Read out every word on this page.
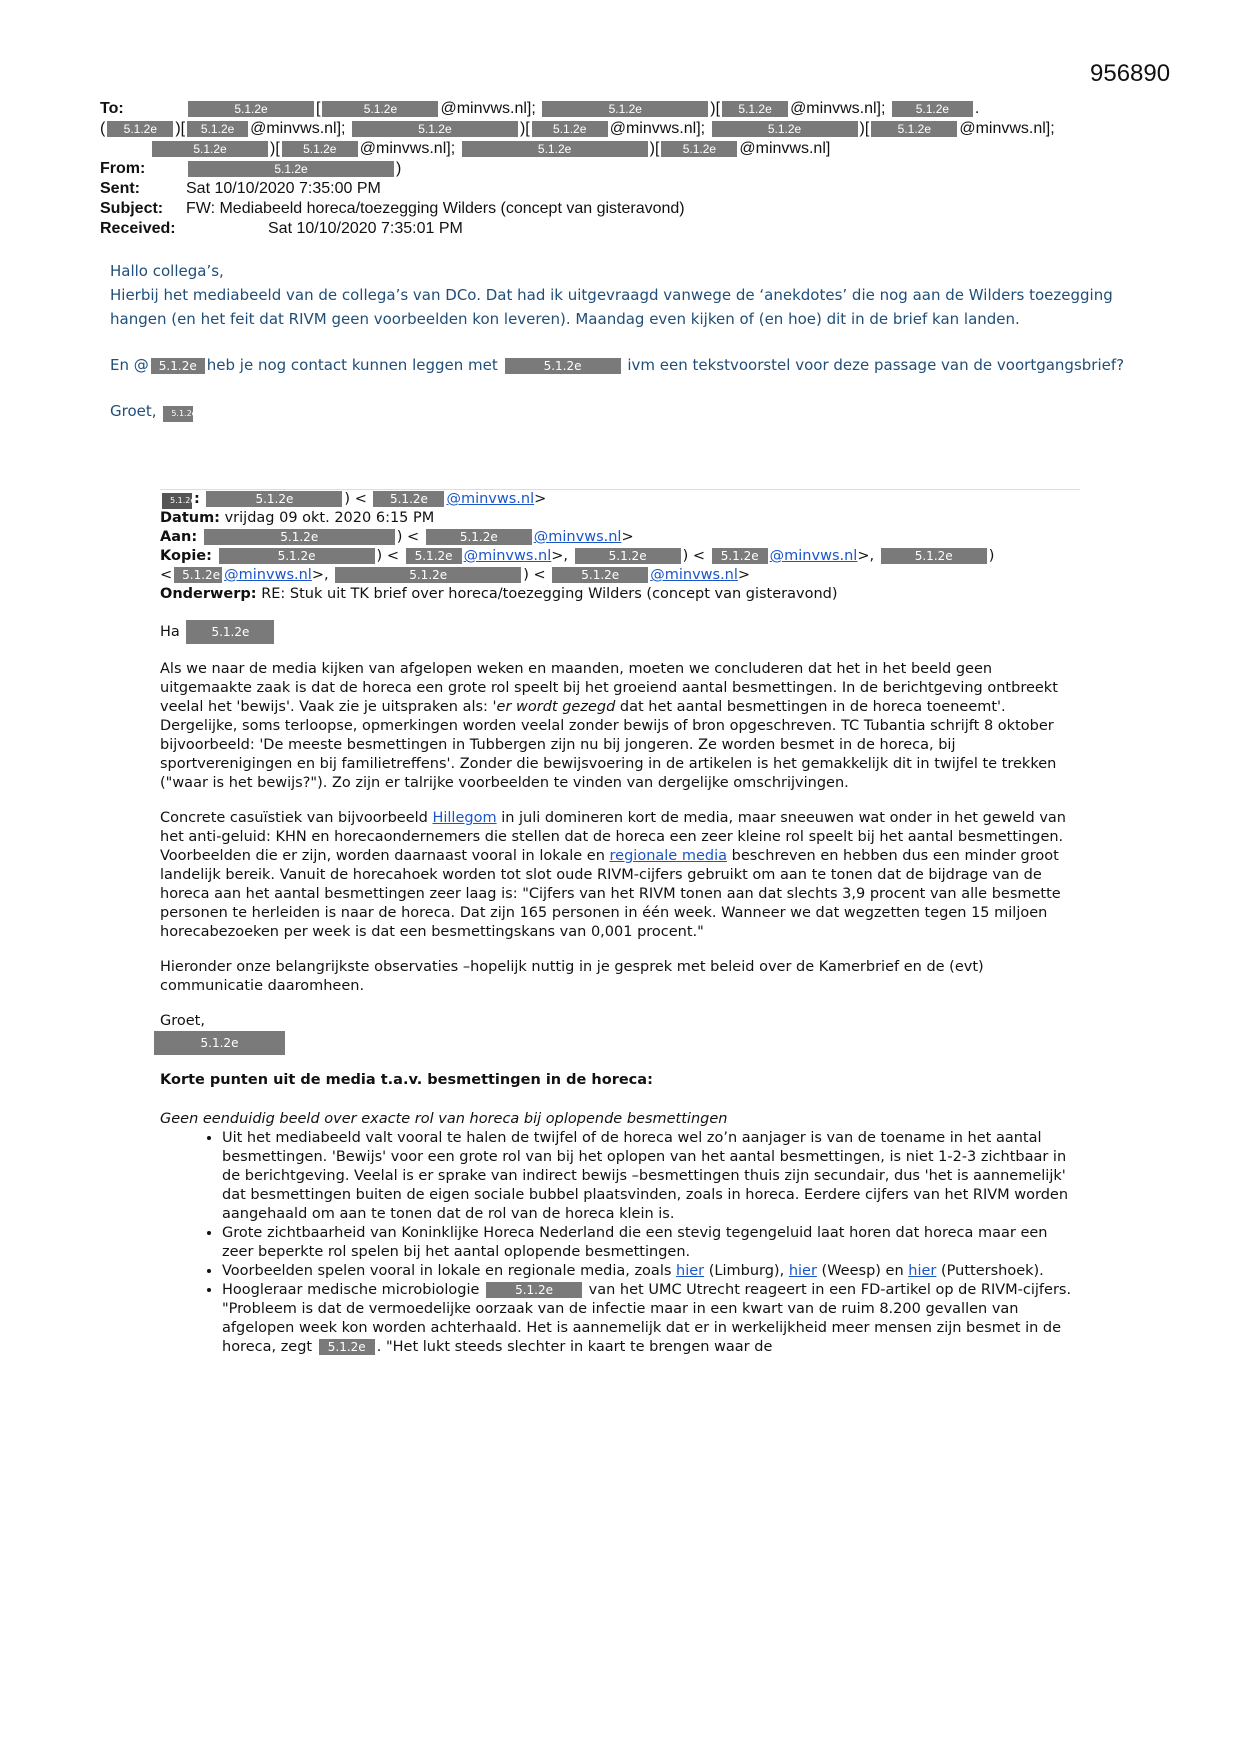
956890
To:	5.1.2e	[	5.1.2e	@minvws.nl];	5.1.2e	)[ 5.1.2e @minvws.nl];	5.1.2e .
( 5.1.2e )[ 5.1.2e @minvws.nl];	5.1.2e	)[ 5.1.2e @minvws.nl];	5.1.2e	)[ 5.1.2e @minvws.nl];
5.1.2e	)[ 5.1.2e @minvws.nl];	5.1.2e	)[ 5.1.2e @minvws.nl]
From:	5.1.2e	)
Sent:	Sat 10/10/2020 7:35:00 PM
Subject: FW: Mediabeeld horeca/toezegging Wilders (concept van gisteravond)
Received:	Sat 10/10/2020 7:35:01 PM
Hallo collega’s,

Hierbij het mediabeeld van de collega’s van DCo. Dat had ik uitgevraagd vanwege de ‘anekdotes’ die nog aan de Wilders toezegging hangen (en het feit dat RIVM geen voorbeelden kon leveren). Maandag even kijken of (en hoe) dit in de brief kan landen.

En @ 5.1.2e heb je nog contact kunnen leggen met	5.1.2e	ivm een tekstvoorstel voor deze passage van de voortgangsbrief?

Groet, 5.1.2e
5.1.2e:	5.1.2e	) < 5.1.2e @minvws.nl>
Datum: vrijdag 09 okt. 2020 6:15 PM
Aan:	5.1.2e	) <	5.1.2e @minvws.nl>
Kopie:	5.1.2e	) < 5.1.2e @minvws.nl>,	5.1.2e ) < 5.1.2e @minvws.nl>,	5.1.2e )
< 5.1.2e @minvws.nl>,	5.1.2e	) <	5.1.2e @minvws.nl>
Onderwerp: RE: Stuk uit TK brief over horeca/toezegging Wilders (concept van gisteravond)

Ha	5.1.2e

Als we naar de media kijken van afgelopen weken en maanden, moeten we concluderen dat het in het beeld geen uitgemaakte zaak is dat de horeca een grote rol speelt bij het groeiend aantal besmettingen. In de berichtgeving ontbreekt veelal het 'bewijs'. Vaak zie je uitspraken als: 'er wordt gezegd dat het aantal besmettingen in de horeca toeneemt'. Dergelijke, soms terloopse, opmerkingen worden veelal zonder bewijs of bron opgeschreven. TC Tubantia schrijft 8 oktober bijvoorbeeld: 'De meeste besmettingen in Tubbergen zijn nu bij jongeren. Ze worden besmet in de horeca, bij sportverenigingen en bij familietreffens'. Zonder die bewijsvoering in de artikelen is het gemakkelijk dit in twijfel te trekken ("waar is het bewijs?"). Zo zijn er talrijke voorbeelden te vinden van dergelijke omschrijvingen.

Concrete casuïstiek van bijvoorbeeld Hillegom in juli domineren kort de media, maar sneeuwen wat onder in het geweld van het anti-geluid: KHN en horecaondernemers die stellen dat de horeca een zeer kleine rol speelt bij het aantal besmettingen. Voorbeelden die er zijn, worden daarnaast vooral in lokale en regionale media beschreven en hebben dus een minder groot landelijk bereik. Vanuit de horecahoek worden tot slot oude RIVM-cijfers gebruikt om aan te tonen dat de bijdrage van de horeca aan het aantal besmettingen zeer laag is: "Cijfers van het RIVM tonen aan dat slechts 3,9 procent van alle besmette personen te herleiden is naar de horeca. Dat zijn 165 personen in één week. Wanneer we dat wegzetten tegen 15 miljoen horecabezoeken per week is dat een besmettingskans van 0,001 procent."

Hieronder onze belangrijkste observaties –hopelijk nuttig in je gesprek met beleid over de Kamerbrief en de (evt) communicatie daaromheen.

Groet,
5.1.2e

Korte punten uit de media t.a.v. besmettingen in de horeca:

Geen eenduidig beeld over exacte rol van horeca bij oplopende besmettingen
• Uit het mediabeeld valt vooral te halen de twijfel of de horeca wel zo’n aanjager is van de toename in het aantal besmettingen. 'Bewijs' voor een grote rol van bij het oplopen van het aantal besmettingen, is niet 1-2-3 zichtbaar in de berichtgeving. Veelal is er sprake van indirect bewijs –besmettingen thuis zijn secundair, dus 'het is aannemelijk' dat besmettingen buiten de eigen sociale bubbel plaatsvinden, zoals in horeca. Eerdere cijfers van het RIVM worden aangehaald om aan te tonen dat de rol van de horeca klein is.
• Grote zichtbaarheid van Koninklijke Horeca Nederland die een stevig tegengeluid laat horen dat horeca maar een zeer beperkte rol spelen bij het aantal oplopende besmettingen.
• Voorbeelden spelen vooral in lokale en regionale media, zoals hier (Limburg), hier (Weesp) en hier (Puttershoek).
• Hoogleraar medische microbiologie	5.1.2e van het UMC Utrecht reageert in een FD-artikel op de RIVM-cijfers. "Probleem is dat de vermoedelijke oorzaak van de infectie maar in een kwart van de ruim 8.200 gevallen van afgelopen week kon worden achterhaald. Het is aannemelijk dat er in werkelijkheid meer mensen zijn besmet in de horeca, zegt 5.1.2e . "Het lukt steeds slechter in kaart te brengen waar de
